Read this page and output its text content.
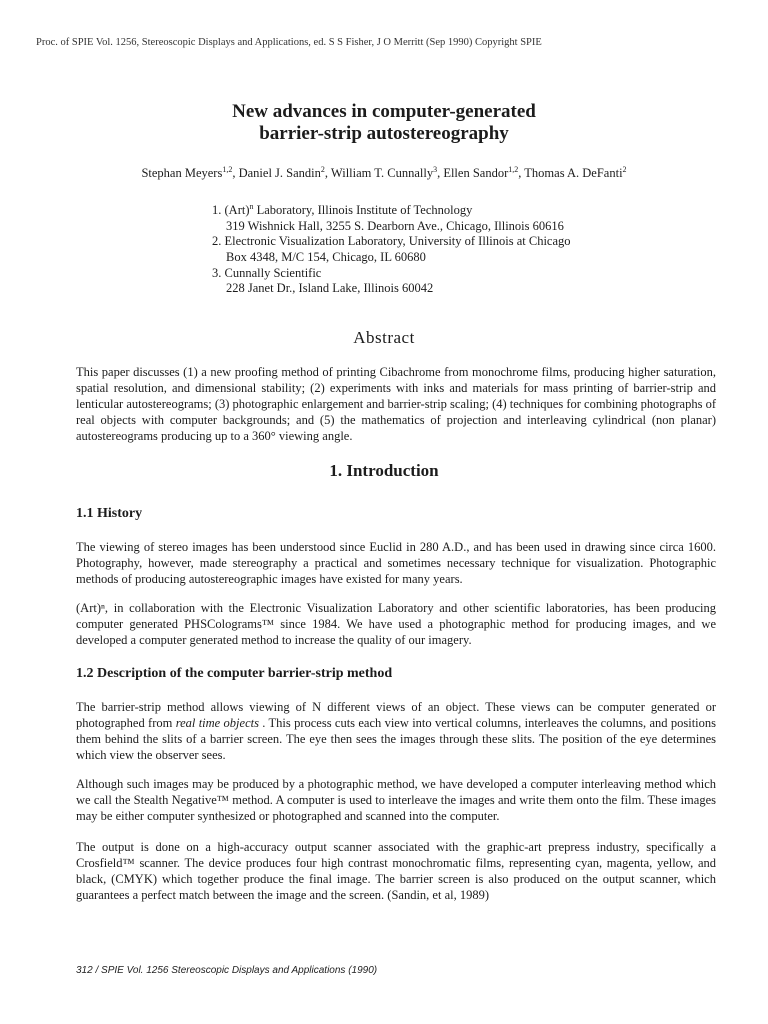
Proc. of SPIE Vol. 1256, Stereoscopic Displays and Applications, ed. S S Fisher, J O Merritt (Sep 1990) Copyright SPIE
New advances in computer-generated
barrier-strip autostereography
Stephan Meyers$^{1,2}$, Daniel J. Sandin$^2$, William T. Cunnally$^3$, Ellen Sandor$^{1,2}$, Thomas A. DeFanti$^2$
1. (Art)$^n$ Laboratory, Illinois Institute of Technology
319 Wishnick Hall, 3255 S. Dearborn Ave., Chicago, Illinois 60616
2. Electronic Visualization Laboratory, University of Illinois at Chicago
Box 4348, M/C 154, Chicago, IL 60680
3. Cunnally Scientific
228 Janet Dr., Island Lake, Illinois 60042
Abstract
This paper discusses (1) a new proofing method of printing Cibachrome from monochrome films, producing higher saturation, spatial resolution, and dimensional stability; (2) experiments with inks and materials for mass printing of barrier-strip and lenticular autostereograms; (3) photographic enlargement and barrier-strip scaling; (4) techniques for combining photographs of real objects with computer backgrounds; and (5) the mathematics of projection and interleaving cylindrical (non planar) autostereograms producing up to a 360° viewing angle.
1. Introduction
1.1 History
The viewing of stereo images has been understood since Euclid in 280 A.D., and has been used in drawing since circa 1600. Photography, however, made stereography a practical and sometimes necessary technique for visualization. Photographic methods of producing autostereographic images have existed for many years.
(Art)ⁿ, in collaboration with the Electronic Visualization Laboratory and other scientific laboratories, has been producing computer generated PHSColograms™ since 1984. We have used a photographic method for producing images, and we developed a computer generated method to increase the quality of our imagery.
1.2 Description of the computer barrier-strip method
The barrier-strip method allows viewing of N different views of an object. These views can be computer generated or photographed from real time objects . This process cuts each view into vertical columns, interleaves the columns, and positions them behind the slits of a barrier screen. The eye then sees the images through these slits. The position of the eye determines which view the observer sees.
Although such images may be produced by a photographic method, we have developed a computer interleaving method which we call the Stealth Negative™ method. A computer is used to interleave the images and write them onto the film. These images may be either computer synthesized or photographed and scanned into the computer.
The output is done on a high-accuracy output scanner associated with the graphic-art prepress industry, specifically a Crosfield™ scanner. The device produces four high contrast monochromatic films, representing cyan, magenta, yellow, and black, (CMYK) which together produce the final image. The barrier screen is also produced on the output scanner, which guarantees a perfect match between the image and the screen. (Sandin, et al, 1989)
312 / SPIE Vol. 1256 Stereoscopic Displays and Applications (1990)
